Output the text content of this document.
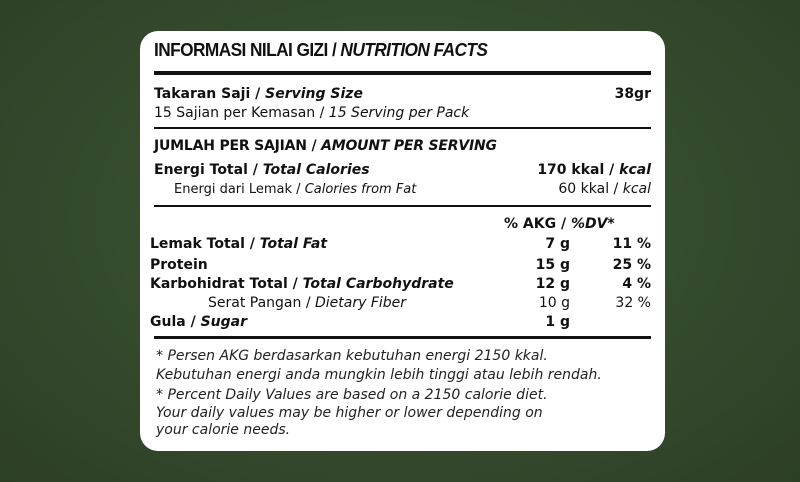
INFORMASI NILAI GIZI / NUTRITION FACTS
Takaran Saji / Serving Size	38gr
15 Sajian per Kemasan / 15 Serving per Pack
JUMLAH PER SAJIAN / AMOUNT PER SERVING
Energi Total / Total Calories	170 kkal / kcal
Energi dari Lemak / Calories from Fat	60 kkal / kcal
% AKG / %DV*
Lemak Total / Total Fat	7 g	11 %
Protein	15 g	25 %
Karbohidrat Total / Total Carbohydrate	12 g	4 %
Serat Pangan / Dietary Fiber	10 g	32 %
Gula / Sugar	1 g
* Persen AKG berdasarkan kebutuhan energi 2150 kkal.
Kebutuhan energi anda mungkin lebih tinggi atau lebih rendah.
* Percent Daily Values are based on a 2150 calorie diet.
Your daily values may be higher or lower depending on
your calorie needs.
